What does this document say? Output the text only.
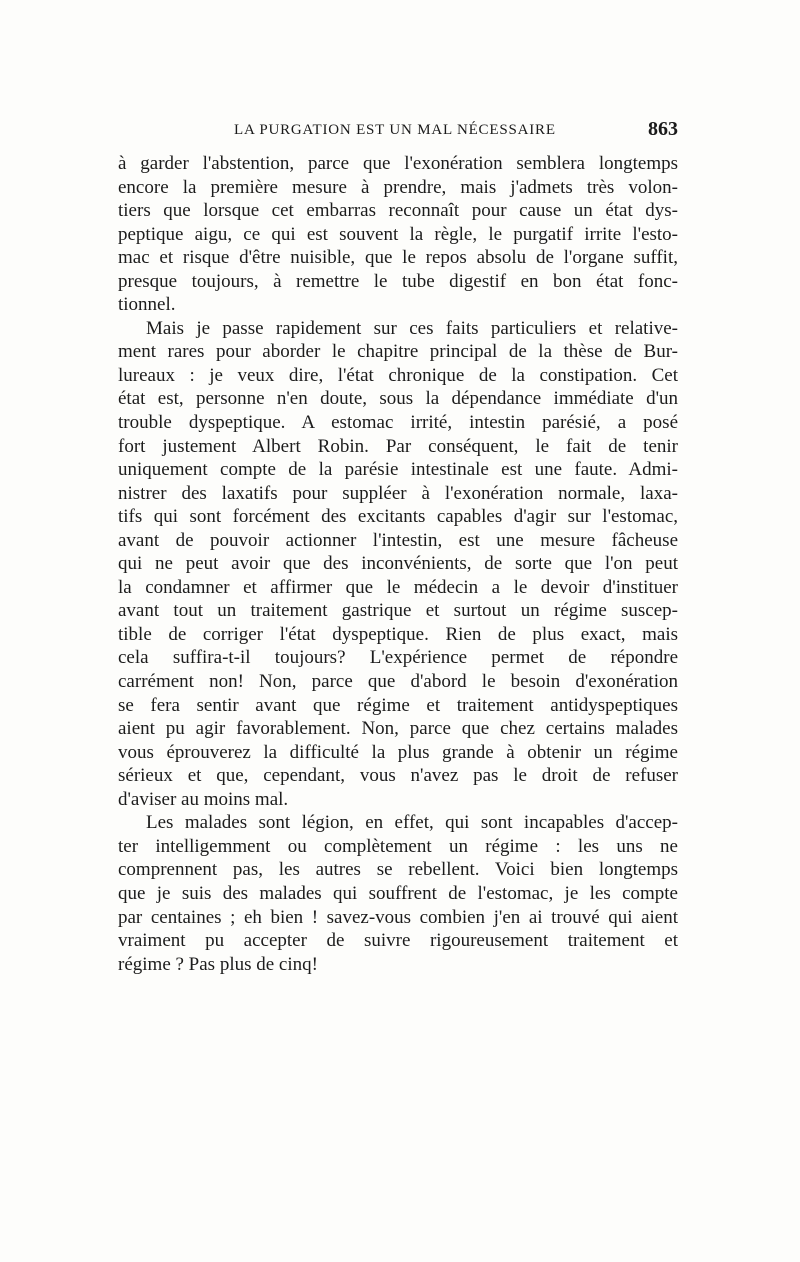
LA PURGATION EST UN MAL NÉCESSAIRE	863
à garder l'abstention, parce que l'exonération semblera longtemps
encore la première mesure à prendre, mais j'admets très volon-
tiers que lorsque cet embarras reconnaît pour cause un état dys-
peptique aigu, ce qui est souvent la règle, le purgatif irrite l'esto-
mac et risque d'être nuisible, que le repos absolu de l'organe suffit,
presque toujours, à remettre le tube digestif en bon état fonc-
tionnel.
Mais je passe rapidement sur ces faits particuliers et relative-
ment rares pour aborder le chapitre principal de la thèse de Bur-
lureaux : je veux dire, l'état chronique de la constipation. Cet
état est, personne n'en doute, sous la dépendance immédiate d'un
trouble dyspeptique. A estomac irrité, intestin parésié, a posé
fort justement Albert Robin. Par conséquent, le fait de tenir
uniquement compte de la parésie intestinale est une faute. Admi-
nistrer des laxatifs pour suppléer à l'exonération normale, laxa-
tifs qui sont forcément des excitants capables d'agir sur l'estomac,
avant de pouvoir actionner l'intestin, est une mesure fâcheuse
qui ne peut avoir que des inconvénients, de sorte que l'on peut
la condamner et affirmer que le médecin a le devoir d'instituer
avant tout un traitement gastrique et surtout un régime suscep-
tible de corriger l'état dyspeptique. Rien de plus exact, mais
cela suffira-t-il toujours? L'expérience permet de répondre
carrément non! Non, parce que d'abord le besoin d'exonération
se fera sentir avant que régime et traitement antidyspeptiques
aient pu agir favorablement. Non, parce que chez certains malades
vous éprouverez la difficulté la plus grande à obtenir un régime
sérieux et que, cependant, vous n'avez pas le droit de refuser
d'aviser au moins mal.
Les malades sont légion, en effet, qui sont incapables d'accep-
ter intelligemment ou complètement un régime : les uns ne
comprennent pas, les autres se rebellent. Voici bien longtemps
que je suis des malades qui souffrent de l'estomac, je les compte
par centaines ; eh bien ! savez-vous combien j'en ai trouvé qui aient
vraiment pu accepter de suivre rigoureusement traitement et
régime ? Pas plus de cinq!
